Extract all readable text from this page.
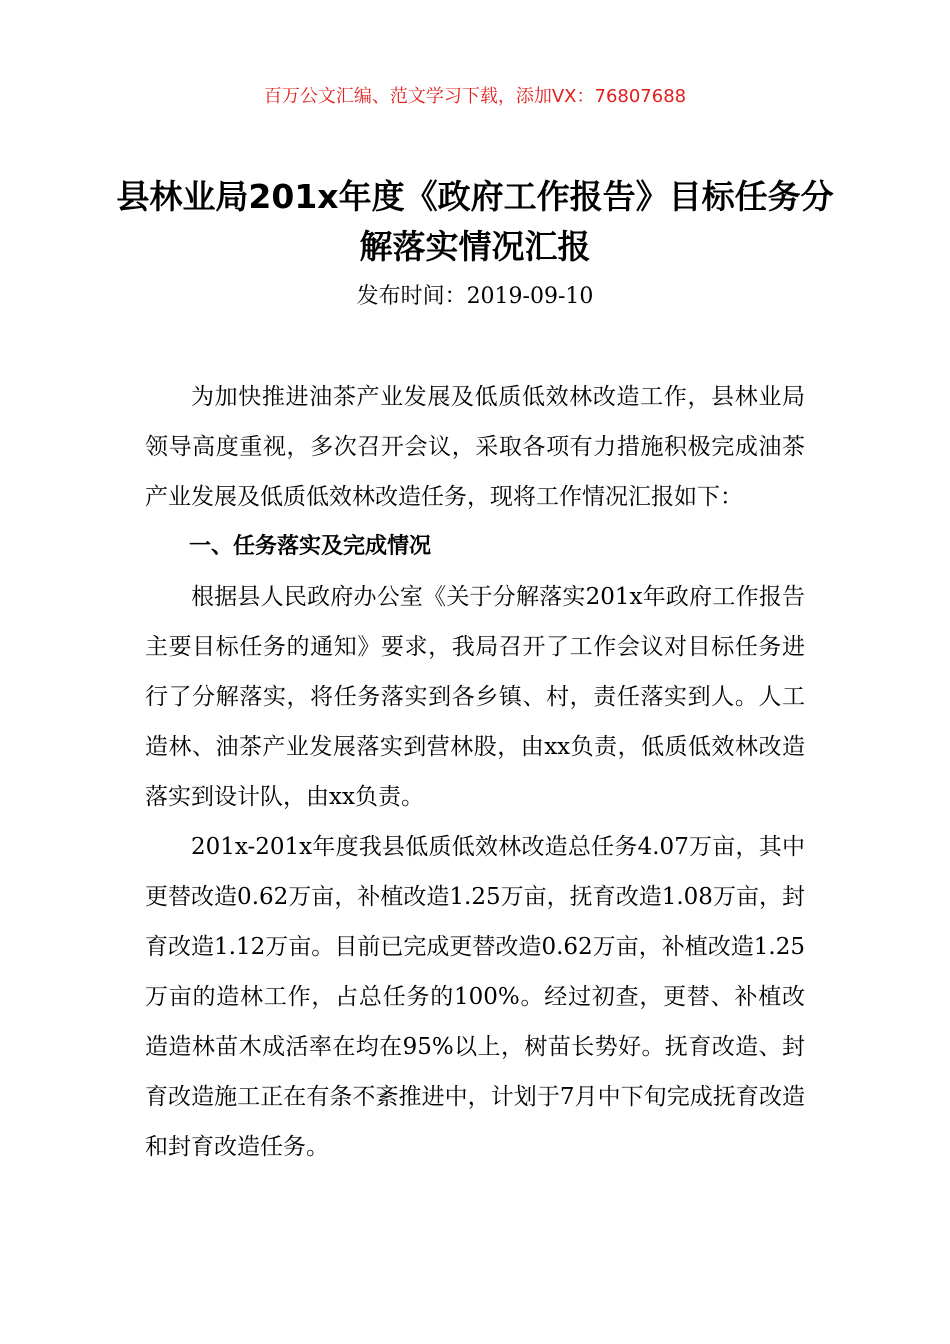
百万公文汇编、范文学习下载，添加VX：76807688
县林业局201x年度《政府工作报告》目标任务分解落实情况汇报
发布时间：2019-09-10

为加快推进油茶产业发展及低质低效林改造工作，县林业局领导高度重视，多次召开会议，采取各项有力措施积极完成油茶产业发展及低质低效林改造任务，现将工作情况汇报如下：

一、任务落实及完成情况

根据县人民政府办公室《关于分解落实201x年政府工作报告主要目标任务的通知》要求，我局召开了工作会议对目标任务进行了分解落实，将任务落实到各乡镇、村，责任落实到人。人工造林、油茶产业发展落实到营林股，由xx负责，低质低效林改造落实到设计队，由xx负责。

201x-201x年度我县低质低效林改造总任务4.07万亩，其中更替改造0.62万亩，补植改造1.25万亩，抚育改造1.08万亩，封育改造1.12万亩。目前已完成更替改造0.62万亩，补植改造1.25万亩的造林工作，占总任务的100%。经过初查，更替、补植改造造林苗木成活率在均在95%以上，树苗长势好。抚育改造、封育改造施工正在有条不紊推进中，计划于7月中下旬完成抚育改造和封育改造任务。
